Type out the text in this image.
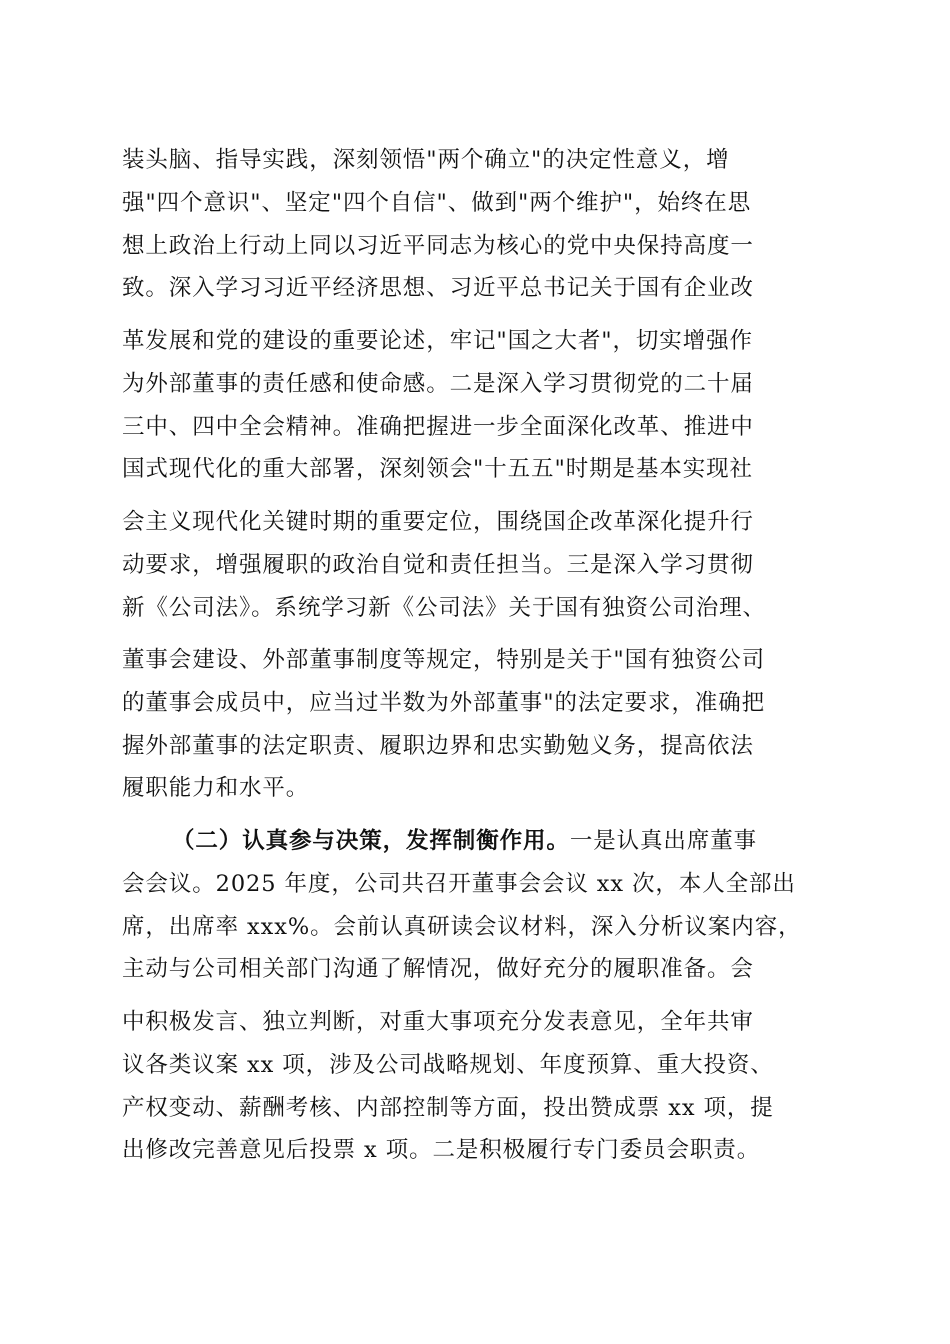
装头脑、指导实践，深刻领悟"两个确立"的决定性意义，增
强"四个意识"、坚定"四个自信"、做到"两个维护"，始终在思
想上政治上行动上同以习近平同志为核心的党中央保持高度一
致。深入学习习近平经济思想、习近平总书记关于国有企业改
革发展和党的建设的重要论述，牢记"国之大者"，切实增强作
为外部董事的责任感和使命感。二是深入学习贯彻党的二十届
三中、四中全会精神。准确把握进一步全面深化改革、推进中
国式现代化的重大部署，深刻领会"十五五"时期是基本实现社
会主义现代化关键时期的重要定位，围绕国企改革深化提升行
动要求，增强履职的政治自觉和责任担当。三是深入学习贯彻
新《公司法》。系统学习新《公司法》关于国有独资公司治理、
董事会建设、外部董事制度等规定，特别是关于"国有独资公司
的董事会成员中，应当过半数为外部董事"的法定要求，准确把
握外部董事的法定职责、履职边界和忠实勤勉义务，提高依法
履职能力和水平。
（二）认真参与决策，发挥制衡作用。一是认真出席董事
会会议。2025 年度，公司共召开董事会会议 xx 次，本人全部出
席，出席率 xxx%。会前认真研读会议材料，深入分析议案内容，
主动与公司相关部门沟通了解情况，做好充分的履职准备。会
中积极发言、独立判断，对重大事项充分发表意见，全年共审
议各类议案 xx 项，涉及公司战略规划、年度预算、重大投资、
产权变动、薪酬考核、内部控制等方面，投出赞成票 xx 项，提
出修改完善意见后投票 x 项。二是积极履行专门委员会职责。
